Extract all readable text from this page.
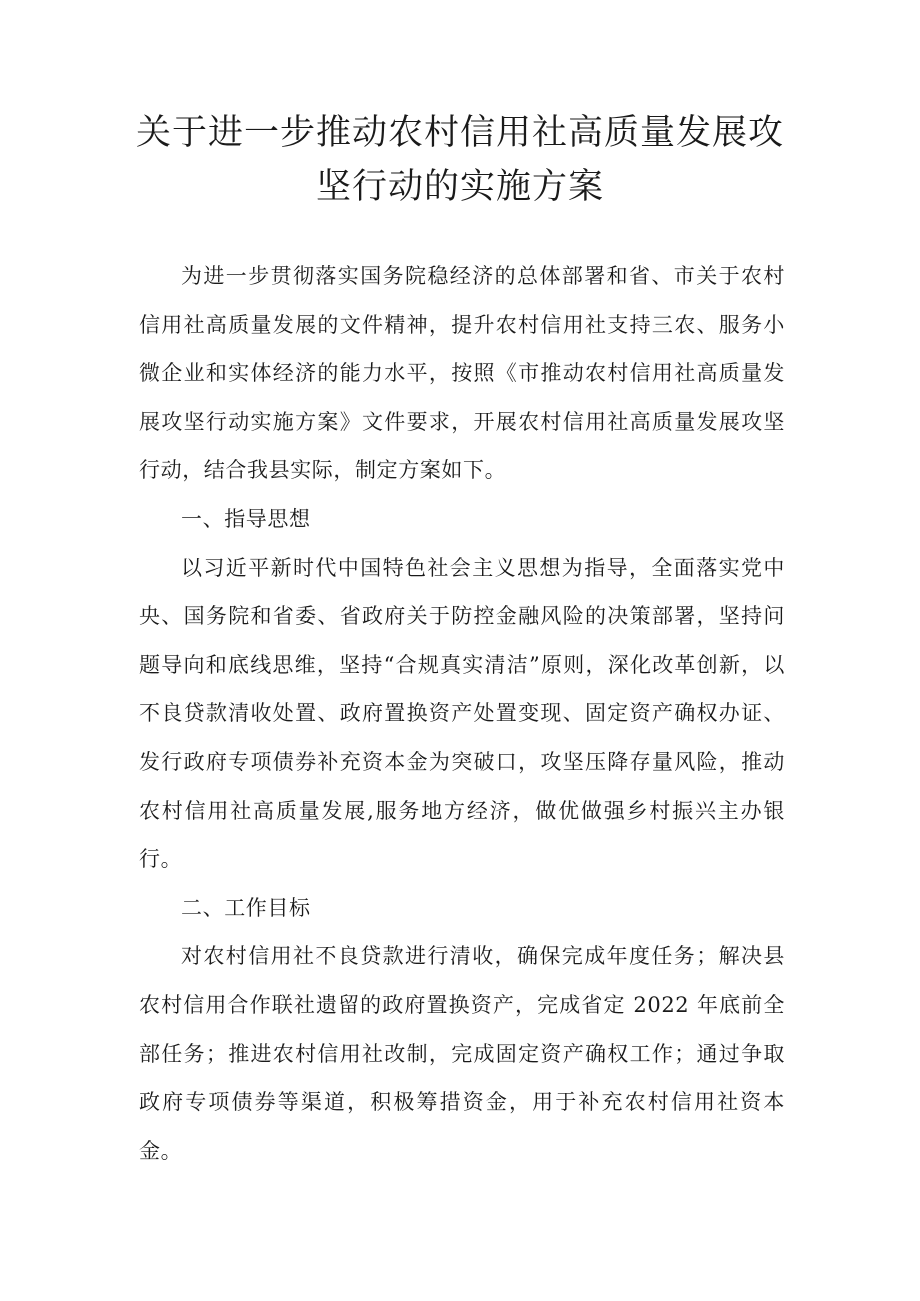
关于进一步推动农村信用社高质量发展攻
坚行动的实施方案

为进一步贯彻落实国务院稳经济的总体部署和省、市关于农村信用社高质量发展的文件精神，提升农村信用社支持三农、服务小微企业和实体经济的能力水平，按照《市推动农村信用社高质量发展攻坚行动实施方案》文件要求，开展农村信用社高质量发展攻坚行动，结合我县实际，制定方案如下。

一、指导思想

以习近平新时代中国特色社会主义思想为指导，全面落实党中央、国务院和省委、省政府关于防控金融风险的决策部署，坚持问题导向和底线思维，坚持“合规真实清洁”原则，深化改革创新，以不良贷款清收处置、政府置换资产处置变现、固定资产确权办证、发行政府专项债券补充资本金为突破口，攻坚压降存量风险，推动农村信用社高质量发展,服务地方经济，做优做强乡村振兴主办银行。

二、工作目标

对农村信用社不良贷款进行清收，确保完成年度任务；解决县农村信用合作联社遗留的政府置换资产，完成省定 2022 年底前全部任务；推进农村信用社改制，完成固定资产确权工作；通过争取政府专项债券等渠道，积极筹措资金，用于补充农村信用社资本金。
